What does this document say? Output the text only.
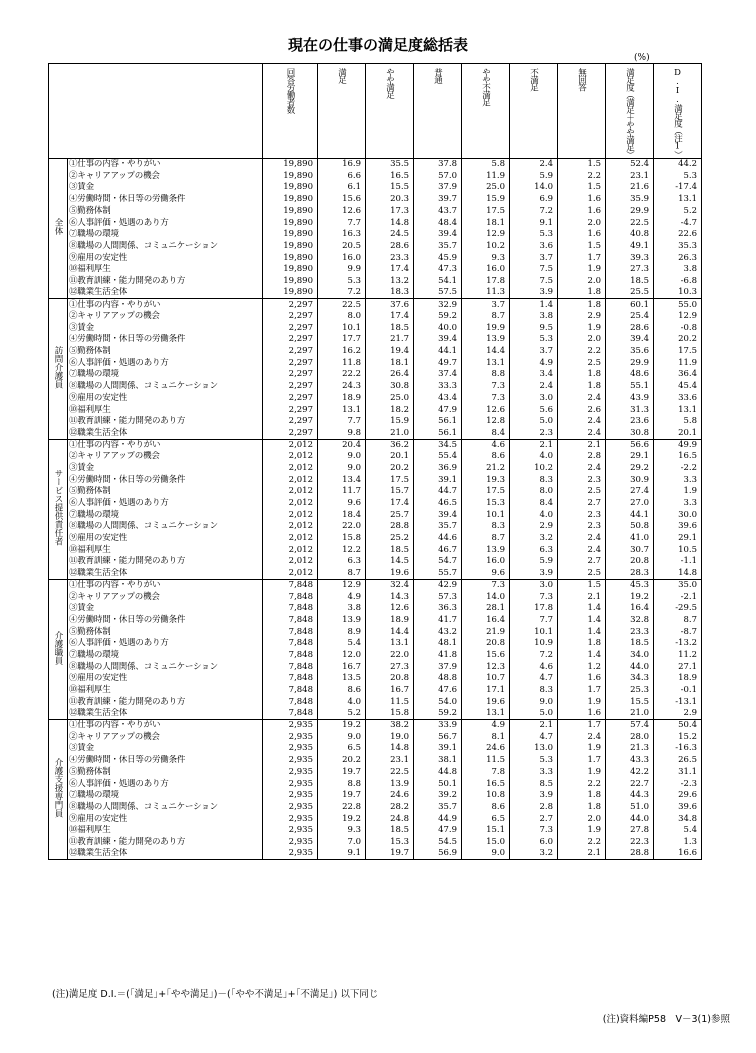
現在の仕事の満足度総括表
(%)

		回答労働者数	満足	やや満足	普通	やや不満足	不満足	無回答	満足度（満足＋やや満足）	D.I.満足度（注1）

全体	①仕事の内容・やりがい	19,890	16.9	35.5	37.8	5.8	2.4	1.5	52.4	44.2
	②キャリアアップの機会	19,890	6.6	16.5	57.0	11.9	5.9	2.2	23.1	5.3
	③賃金	19,890	6.1	15.5	37.9	25.0	14.0	1.5	21.6	-17.4
	④労働時間・休日等の労働条件	19,890	15.6	20.3	39.7	15.9	6.9	1.6	35.9	13.1
	⑤勤務体制	19,890	12.6	17.3	43.7	17.5	7.2	1.6	29.9	5.2
	⑥人事評価・処遇のあり方	19,890	7.7	14.8	48.4	18.1	9.1	2.0	22.5	-4.7
	⑦職場の環境	19,890	16.3	24.5	39.4	12.9	5.3	1.6	40.8	22.6
	⑧職場の人間関係、コミュニケーション	19,890	20.5	28.6	35.7	10.2	3.6	1.5	49.1	35.3
	⑨雇用の安定性	19,890	16.0	23.3	45.9	9.3	3.7	1.7	39.3	26.3
	⑩福利厚生	19,890	9.9	17.4	47.3	16.0	7.5	1.9	27.3	3.8
	⑪教育訓練・能力開発のあり方	19,890	5.3	13.2	54.1	17.8	7.5	2.0	18.5	-6.8
	⑫職業生活全体	19,890	7.2	18.3	57.5	11.3	3.9	1.8	25.5	10.3
訪問介護員	①仕事の内容・やりがい	2,297	22.5	37.6	32.9	3.7	1.4	1.8	60.1	55.0
	②キャリアアップの機会	2,297	8.0	17.4	59.2	8.7	3.8	2.9	25.4	12.9
	③賃金	2,297	10.1	18.5	40.0	19.9	9.5	1.9	28.6	-0.8
	④労働時間・休日等の労働条件	2,297	17.7	21.7	39.4	13.9	5.3	2.0	39.4	20.2
	⑤勤務体制	2,297	16.2	19.4	44.1	14.4	3.7	2.2	35.6	17.5
	⑥人事評価・処遇のあり方	2,297	11.8	18.1	49.7	13.1	4.9	2.5	29.9	11.9
	⑦職場の環境	2,297	22.2	26.4	37.4	8.8	3.4	1.8	48.6	36.4
	⑧職場の人間関係、コミュニケーション	2,297	24.3	30.8	33.3	7.3	2.4	1.8	55.1	45.4
	⑨雇用の安定性	2,297	18.9	25.0	43.4	7.3	3.0	2.4	43.9	33.6
	⑩福利厚生	2,297	13.1	18.2	47.9	12.6	5.6	2.6	31.3	13.1
	⑪教育訓練・能力開発のあり方	2,297	7.7	15.9	56.1	12.8	5.0	2.4	23.6	5.8
	⑫職業生活全体	2,297	9.8	21.0	56.1	8.4	2.3	2.4	30.8	20.1
サービス提供責任者	①仕事の内容・やりがい	2,012	20.4	36.2	34.5	4.6	2.1	2.1	56.6	49.9
	②キャリアアップの機会	2,012	9.0	20.1	55.4	8.6	4.0	2.8	29.1	16.5
	③賃金	2,012	9.0	20.2	36.9	21.2	10.2	2.4	29.2	-2.2
	④労働時間・休日等の労働条件	2,012	13.4	17.5	39.1	19.3	8.3	2.3	30.9	3.3
	⑤勤務体制	2,012	11.7	15.7	44.7	17.5	8.0	2.5	27.4	1.9
	⑥人事評価・処遇のあり方	2,012	9.6	17.4	46.5	15.3	8.4	2.7	27.0	3.3
	⑦職場の環境	2,012	18.4	25.7	39.4	10.1	4.0	2.3	44.1	30.0
	⑧職場の人間関係、コミュニケーション	2,012	22.0	28.8	35.7	8.3	2.9	2.3	50.8	39.6
	⑨雇用の安定性	2,012	15.8	25.2	44.6	8.7	3.2	2.4	41.0	29.1
	⑩福利厚生	2,012	12.2	18.5	46.7	13.9	6.3	2.4	30.7	10.5
	⑪教育訓練・能力開発のあり方	2,012	6.3	14.5	54.7	16.0	5.9	2.7	20.8	-1.1
	⑫職業生活全体	2,012	8.7	19.6	55.7	9.6	3.9	2.5	28.3	14.8
介護職員	①仕事の内容・やりがい	7,848	12.9	32.4	42.9	7.3	3.0	1.5	45.3	35.0
	②キャリアアップの機会	7,848	4.9	14.3	57.3	14.0	7.3	2.1	19.2	-2.1
	③賃金	7,848	3.8	12.6	36.3	28.1	17.8	1.4	16.4	-29.5
	④労働時間・休日等の労働条件	7,848	13.9	18.9	41.7	16.4	7.7	1.4	32.8	8.7
	⑤勤務体制	7,848	8.9	14.4	43.2	21.9	10.1	1.4	23.3	-8.7
	⑥人事評価・処遇のあり方	7,848	5.4	13.1	48.1	20.8	10.9	1.8	18.5	-13.2
	⑦職場の環境	7,848	12.0	22.0	41.8	15.6	7.2	1.4	34.0	11.2
	⑧職場の人間関係、コミュニケーション	7,848	16.7	27.3	37.9	12.3	4.6	1.2	44.0	27.1
	⑨雇用の安定性	7,848	13.5	20.8	48.8	10.7	4.7	1.6	34.3	18.9
	⑩福利厚生	7,848	8.6	16.7	47.6	17.1	8.3	1.7	25.3	-0.1
	⑪教育訓練・能力開発のあり方	7,848	4.0	11.5	54.0	19.6	9.0	1.9	15.5	-13.1
	⑫職業生活全体	7,848	5.2	15.8	59.2	13.1	5.0	1.6	21.0	2.9
介護支援専門員	①仕事の内容・やりがい	2,935	19.2	38.2	33.9	4.9	2.1	1.7	57.4	50.4
	②キャリアアップの機会	2,935	9.0	19.0	56.7	8.1	4.7	2.4	28.0	15.2
	③賃金	2,935	6.5	14.8	39.1	24.6	13.0	1.9	21.3	-16.3
	④労働時間・休日等の労働条件	2,935	20.2	23.1	38.1	11.5	5.3	1.7	43.3	26.5
	⑤勤務体制	2,935	19.7	22.5	44.8	7.8	3.3	1.9	42.2	31.1
	⑥人事評価・処遇のあり方	2,935	8.8	13.9	50.1	16.5	8.5	2.2	22.7	-2.3
	⑦職場の環境	2,935	19.7	24.6	39.2	10.8	3.9	1.8	44.3	29.6
	⑧職場の人間関係、コミュニケーション	2,935	22.8	28.2	35.7	8.6	2.8	1.8	51.0	39.6
	⑨雇用の安定性	2,935	19.2	24.8	44.9	6.5	2.7	2.0	44.0	34.8
	⑩福利厚生	2,935	9.3	18.5	47.9	15.1	7.3	1.9	27.8	5.4
	⑪教育訓練・能力開発のあり方	2,935	7.0	15.3	54.5	15.0	6.0	2.2	22.3	1.3
	⑫職業生活全体	2,935	9.1	19.7	56.9	9.0	3.2	2.1	28.8	16.6
(注)満足度 D.I.＝(｢満足｣+｢やや満足｣)－(｢やや不満足｣+｢不満足｣) 以下同じ
(注)資料編P58　Ⅴ－3(1)参照
